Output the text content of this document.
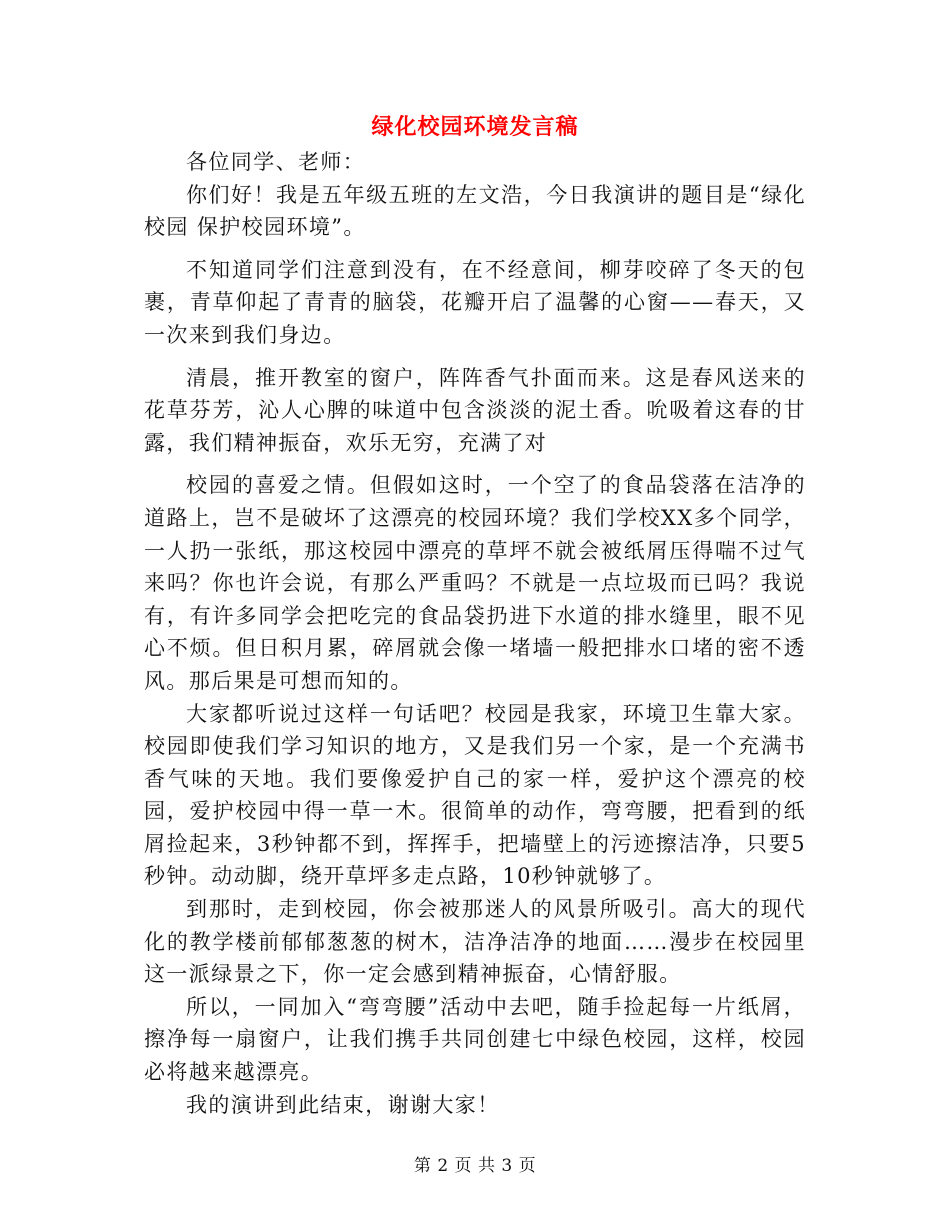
绿化校园环境发言稿

各位同学、老师：

你们好！我是五年级五班的左文浩，今日我演讲的题目是“绿化校园 保护校园环境”。

不知道同学们注意到没有，在不经意间，柳芽咬碎了冬天的包裹，青草仰起了青青的脑袋，花瓣开启了温馨的心窗——春天，又一次来到我们身边。

清晨，推开教室的窗户，阵阵香气扑面而来。这是春风送来的花草芬芳，沁人心脾的味道中包含淡淡的泥土香。吮吸着这春的甘露，我们精神振奋，欢乐无穷，充满了对

校园的喜爱之情。但假如这时，一个空了的食品袋落在洁净的道路上，岂不是破坏了这漂亮的校园环境？我们学校XX多个同学，一人扔一张纸，那这校园中漂亮的草坪不就会被纸屑压得喘不过气来吗？你也许会说，有那么严重吗？不就是一点垃圾而已吗？我说有，有许多同学会把吃完的食品袋扔进下水道的排水缝里，眼不见心不烦。但日积月累，碎屑就会像一堵墙一般把排水口堵的密不透风。那后果是可想而知的。

大家都听说过这样一句话吧？校园是我家，环境卫生靠大家。校园即使我们学习知识的地方，又是我们另一个家，是一个充满书香气味的天地。我们要像爱护自己的家一样，爱护这个漂亮的校园，爱护校园中得一草一木。很简单的动作，弯弯腰，把看到的纸屑捡起来，3秒钟都不到，挥挥手，把墙壁上的污迹擦洁净，只要5秒钟。动动脚，绕开草坪多走点路，10秒钟就够了。

到那时，走到校园，你会被那迷人的风景所吸引。高大的现代化的教学楼前郁郁葱葱的树木，洁净洁净的地面……漫步在校园里这一派绿景之下，你一定会感到精神振奋，心情舒服。

所以，一同加入“弯弯腰”活动中去吧，随手捡起每一片纸屑，擦净每一扇窗户，让我们携手共同创建七中绿色校园，这样，校园必将越来越漂亮。

我的演讲到此结束，谢谢大家！

第 2 页 共 3 页
